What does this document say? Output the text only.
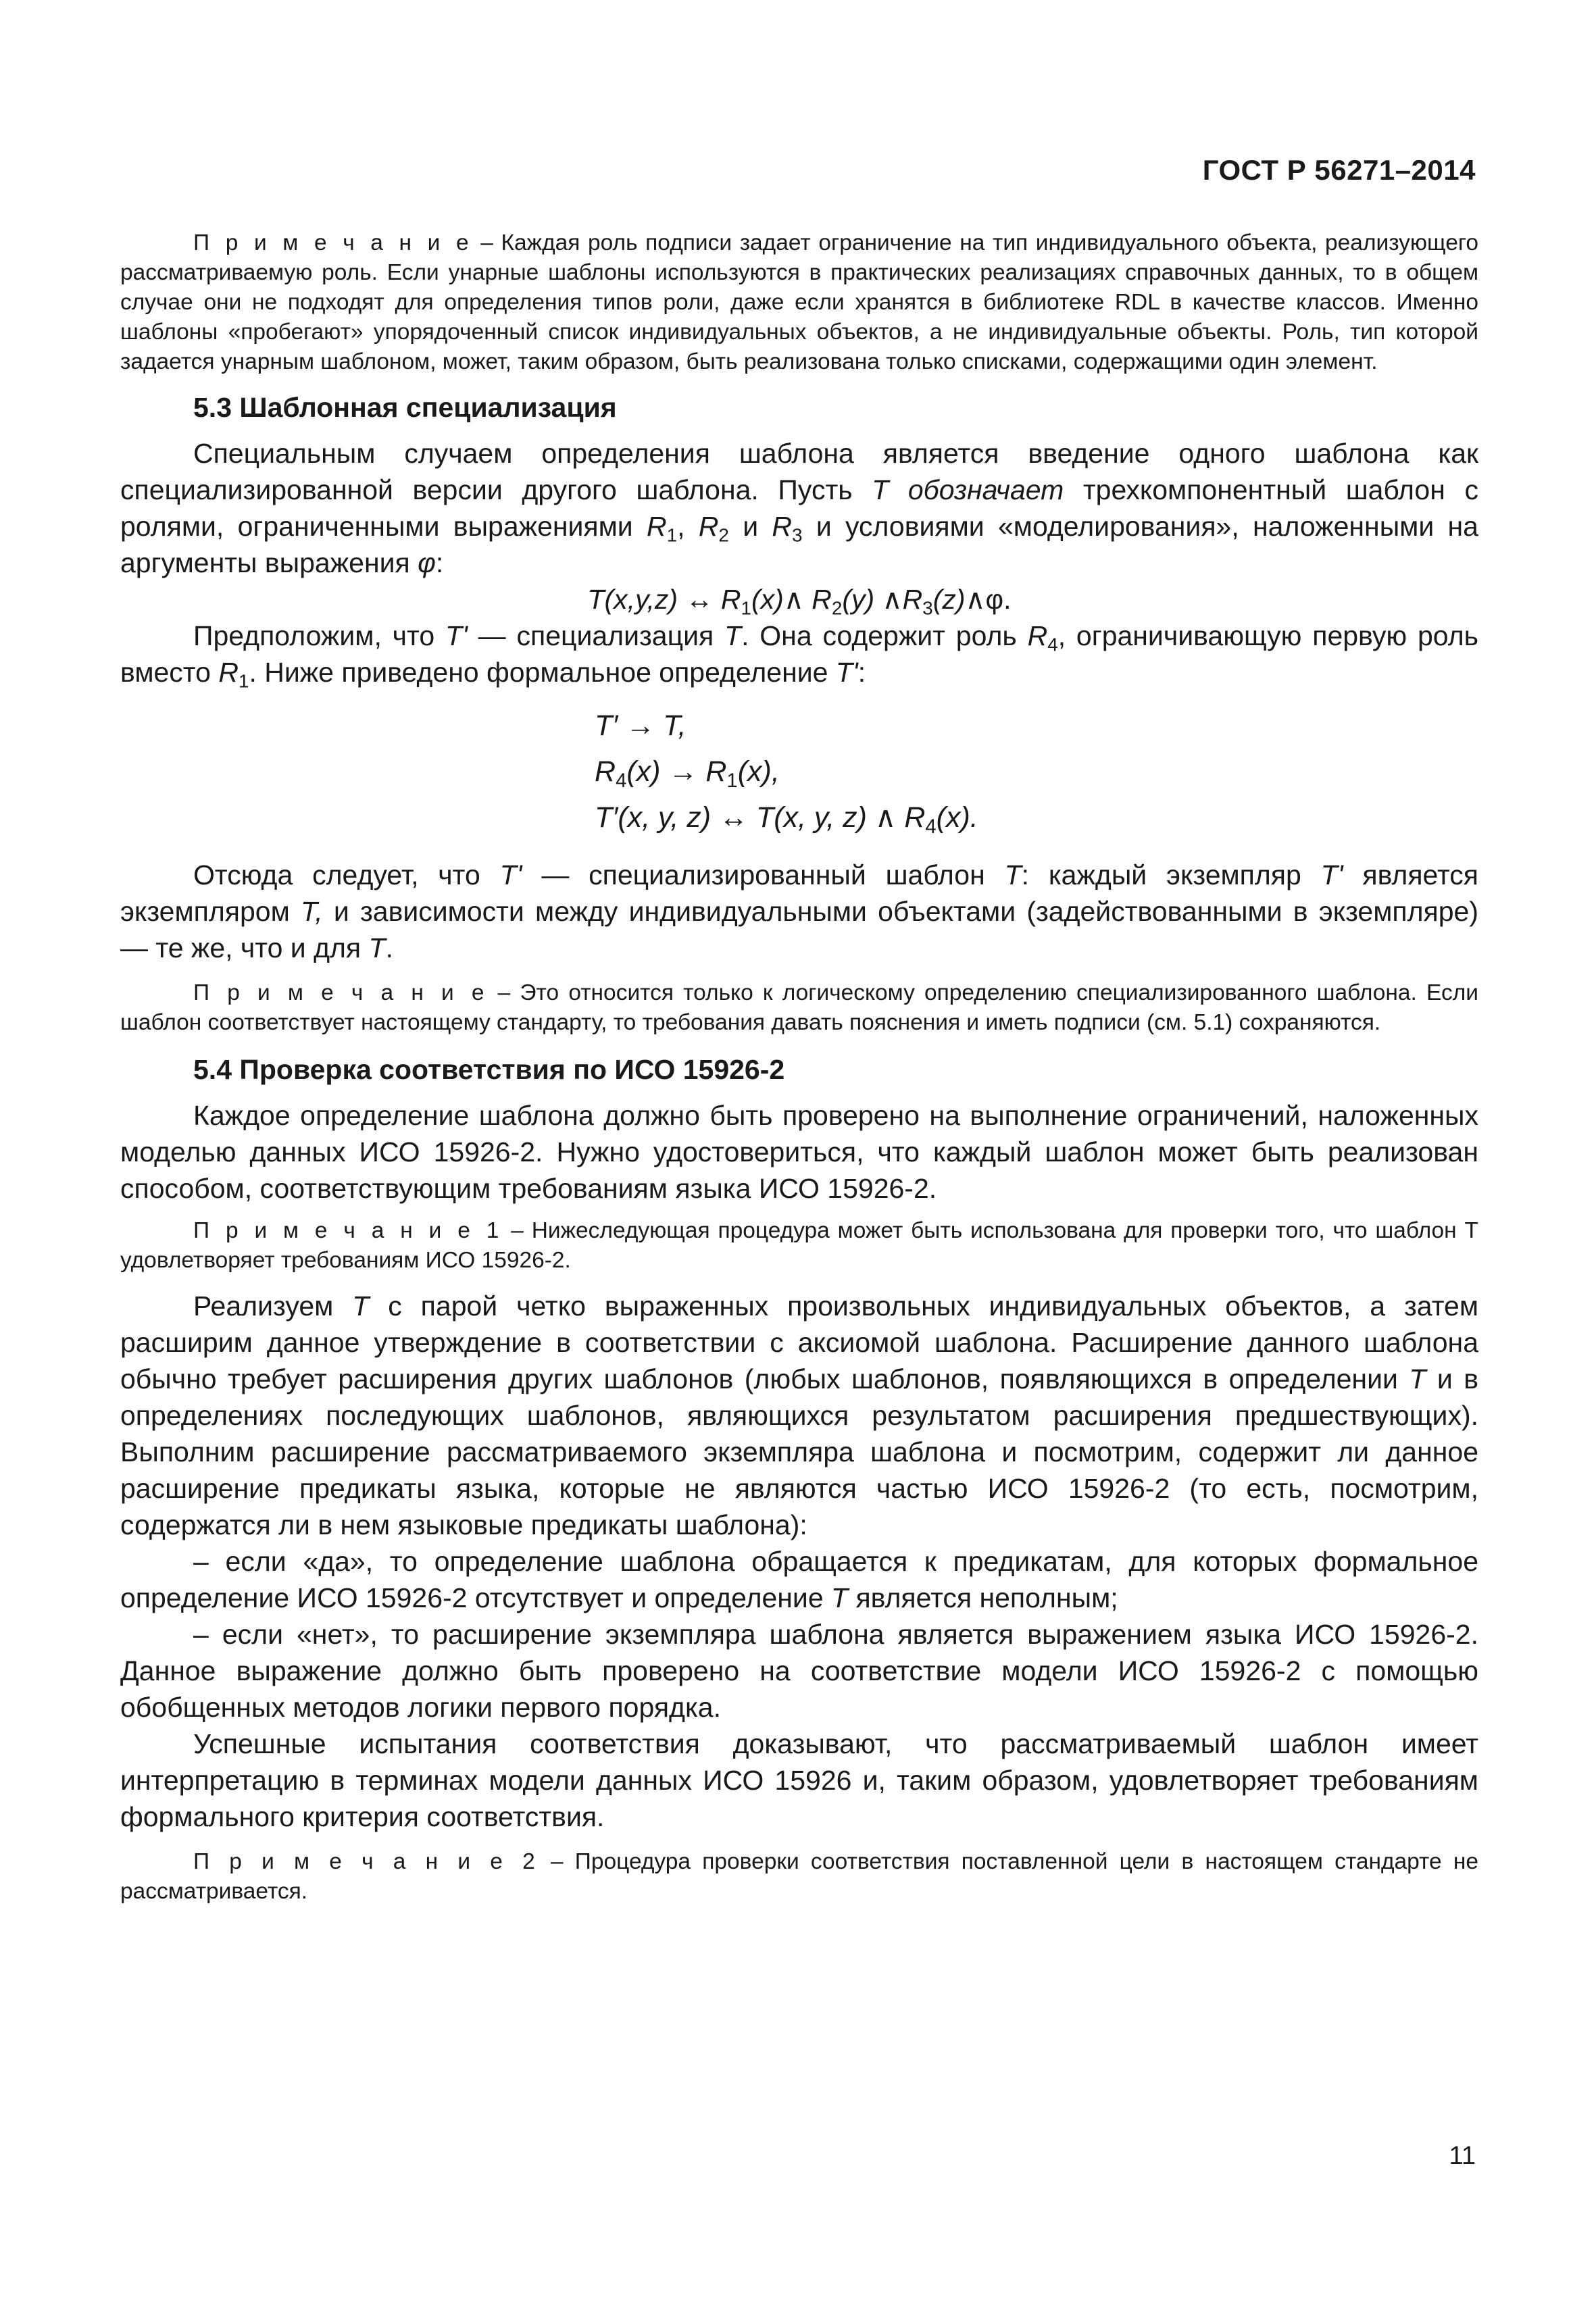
ГОСТ Р 56271–2014

П р и м е ч а н и е – Каждая роль подписи задает ограничение на тип индивидуального объекта, реализующего рассматриваемую роль. Если унарные шаблоны используются в практических реализациях справочных данных, то в общем случае они не подходят для определения типов роли, даже если хранятся в библиотеке RDL в качестве классов. Именно шаблоны «пробегают» упорядоченный список индивидуальных объектов, а не индивидуальные объекты. Роль, тип которой задается унарным шаблоном, может, таким образом, быть реализована только списками, содержащими один элемент.

5.3 Шаблонная специализация

Специальным случаем определения шаблона является введение одного шаблона как специализированной версии другого шаблона. Пусть T обозначает трехкомпонентный шаблон с ролями, ограниченными выражениями $R_1$, $R_2$ и $R_3$ и условиями «моделирования», наложенными на аргументы выражения φ:

T(x,y,z) ↔ $R_1(x)\wedge$ $R_2(y)$ $\wedge R_3(z)\wedge\varphi$.

Предположим, что T' — специализация T. Она содержит роль $R_4$, ограничивающую первую роль вместо $R_1$. Ниже приведено формальное определение T':

T′ → T,
$R_4(x) \to R_1(x)$,
T′(x, y, z) ↔ T(x, y, z) ∧ $R_4(x)$.

Отсюда следует, что T' — специализированный шаблон T: каждый экземпляр T' является экземпляром T, и зависимости между индивидуальными объектами (задействованными в экземпляре) — те же, что и для T.

П р и м е ч а н и е – Это относится только к логическому определению специализированного шаблона. Если шаблон соответствует настоящему стандарту, то требования давать пояснения и иметь подписи (см. 5.1) сохраняются.

5.4 Проверка соответствия по ИСО 15926-2

Каждое определение шаблона должно быть проверено на выполнение ограничений, наложенных моделью данных ИСО 15926-2. Нужно удостовериться, что каждый шаблон может быть реализован способом, соответствующим требованиям языка ИСО 15926-2.

П р и м е ч а н и е 1 – Нижеследующая процедура может быть использована для проверки того, что шаблон Т удовлетворяет требованиям ИСО 15926-2.

Реализуем T с парой четко выраженных произвольных индивидуальных объектов, а затем расширим данное утверждение в соответствии с аксиомой шаблона. Расширение данного шаблона обычно требует расширения других шаблонов (любых шаблонов, появляющихся в определении T и в определениях последующих шаблонов, являющихся результатом расширения предшествующих). Выполним расширение рассматриваемого экземпляра шаблона и посмотрим, содержит ли данное расширение предикаты языка, которые не являются частью ИСО 15926-2 (то есть, посмотрим, содержатся ли в нем языковые предикаты шаблона):

– если «да», то определение шаблона обращается к предикатам, для которых формальное определение ИСО 15926-2 отсутствует и определение T является неполным;

– если «нет», то расширение экземпляра шаблона является выражением языка ИСО 15926-2. Данное выражение должно быть проверено на соответствие модели ИСО 15926-2 с помощью обобщенных методов логики первого порядка.

Успешные испытания соответствия доказывают, что рассматриваемый шаблон имеет интерпретацию в терминах модели данных ИСО 15926 и, таким образом, удовлетворяет требованиям формального критерия соответствия.

П р и м е ч а н и е 2 – Процедура проверки соответствия поставленной цели в настоящем стандарте не рассматривается.

11
